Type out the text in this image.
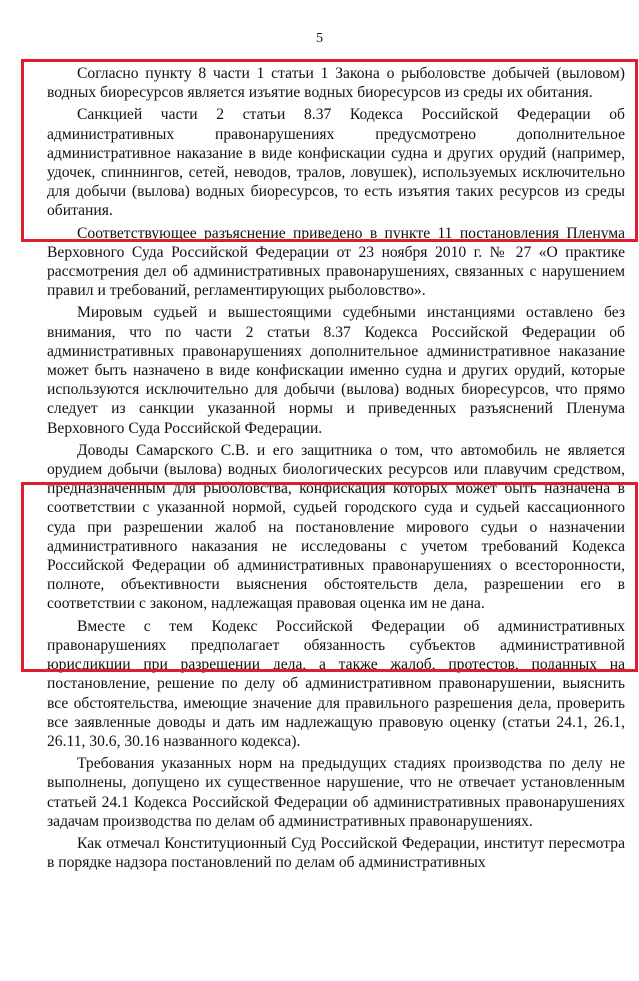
5

Согласно пункту 8 части 1 статьи 1 Закона о рыболовстве добычей (выловом) водных биоресурсов является изъятие водных биоресурсов из среды их обитания.

Санкцией части 2 статьи 8.37 Кодекса Российской Федерации об административных правонарушениях предусмотрено дополнительное административное наказание в виде конфискации судна и других орудий (например, удочек, спиннингов, сетей, неводов, тралов, ловушек), используемых исключительно для добычи (вылова) водных биоресурсов, то есть изъятия таких ресурсов из среды обитания.

Соответствующее разъяснение приведено в пункте 11 постановления Пленума Верховного Суда Российской Федерации от 23 ноября 2010 г. № 27 «О практике рассмотрения дел об административных правонарушениях, связанных с нарушением правил и требований, регламентирующих рыболовство».

Мировым судьей и вышестоящими судебными инстанциями оставлено без внимания, что по части 2 статьи 8.37 Кодекса Российской Федерации об административных правонарушениях дополнительное административное наказание может быть назначено в виде конфискации именно судна и других орудий, которые используются исключительно для добычи (вылова) водных биоресурсов, что прямо следует из санкции указанной нормы и приведенных разъяснений Пленума Верховного Суда Российской Федерации.

Доводы Самарского С.В. и его защитника о том, что автомобиль не является орудием добычи (вылова) водных биологических ресурсов или плавучим средством, предназначенным для рыболовства, конфискация которых может быть назначена в соответствии с указанной нормой, судьей городского суда и судьей кассационного суда при разрешении жалоб на постановление мирового судьи о назначении административного наказания не исследованы с учетом требований Кодекса Российской Федерации об административных правонарушениях о всесторонности, полноте, объективности выяснения обстоятельств дела, разрешении его в соответствии с законом, надлежащая правовая оценка им не дана.

Вместе с тем Кодекс Российской Федерации об административных правонарушениях предполагает обязанность субъектов административной юрисдикции при разрешении дела, а также жалоб, протестов, поданных на постановление, решение по делу об административном правонарушении, выяснить все обстоятельства, имеющие значение для правильного разрешения дела, проверить все заявленные доводы и дать им надлежащую правовую оценку (статьи 24.1, 26.1, 26.11, 30.6, 30.16 названного кодекса).

Требования указанных норм на предыдущих стадиях производства по делу не выполнены, допущено их существенное нарушение, что не отвечает установленным статьей 24.1 Кодекса Российской Федерации об административных правонарушениях задачам производства по делам об административных правонарушениях.

Как отмечал Конституционный Суд Российской Федерации, институт пересмотра в порядке надзора постановлений по делам об административных
